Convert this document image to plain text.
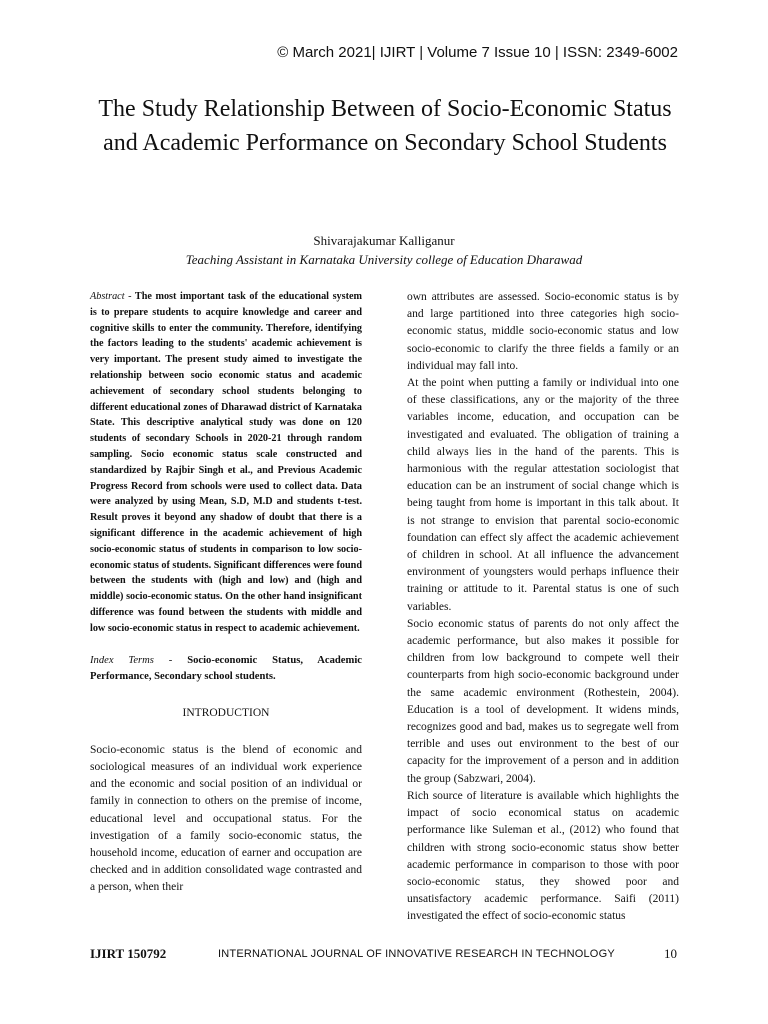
© March 2021| IJIRT | Volume 7 Issue 10 | ISSN: 2349-6002
The Study Relationship Between of Socio-Economic Status and Academic Performance on Secondary School Students
Shivarajakumar Kalliganur
Teaching Assistant in Karnataka University college of Education Dharawad

Abstract - The most important task of the educational system is to prepare students to acquire knowledge and career and cognitive skills to enter the community. Therefore, identifying the factors leading to the students' academic achievement is very important. The present study aimed to investigate the relationship between socio economic status and academic achievement of secondary school students belonging to different educational zones of Dharawad district of Karnataka State. This descriptive analytical study was done on 120 students of secondary Schools in 2020-21 through random sampling. Socio economic status scale constructed and standardized by Rajbir Singh et al., and Previous Academic Progress Record from schools were used to collect data. Data were analyzed by using Mean, S.D, M.D and students t-test. Result proves it beyond any shadow of doubt that there is a significant difference in the academic achievement of high socio-economic status of students in comparison to low socio-economic status of students. Significant differences were found between the students with (high and low) and (high and middle) socio-economic status. On the other hand insignificant difference was found between the students with middle and low socio-economic status in respect to academic achievement.

Index Terms - Socio-economic Status, Academic Performance, Secondary school students.

INTRODUCTION

Socio-economic status is the blend of economic and sociological measures of an individual work experience and the economic and social position of an individual or family in connection to others on the premise of income, educational level and occupational status. For the investigation of a family socio-economic status, the household income, education of earner and occupation are checked and in addition consolidated wage contrasted and a person, when their

own attributes are assessed. Socio-economic status is by and large partitioned into three categories high socio-economic status, middle socio-economic status and low socio-economic to clarify the three fields a family or an individual may fall into.

At the point when putting a family or individual into one of these classifications, any or the majority of the three variables income, education, and occupation can be investigated and evaluated. The obligation of training a child always lies in the hand of the parents. This is harmonious with the regular attestation sociologist that education can be an instrument of social change which is being taught from home is important in this talk about. It is not strange to envision that parental socio-economic foundation can effect sly affect the academic achievement of children in school. At all influence the advancement environment of youngsters would perhaps influence their training or attitude to it. Parental status is one of such variables.

Socio economic status of parents do not only affect the academic performance, but also makes it possible for children from low background to compete well their counterparts from high socio-economic background under the same academic environment (Rothestein, 2004). Education is a tool of development. It widens minds, recognizes good and bad, makes us to segregate well from terrible and uses out environment to the best of our capacity for the improvement of a person and in addition the group (Sabzwari, 2004).

Rich source of literature is available which highlights the impact of socio economical status on academic performance like Suleman et al., (2012) who found that children with strong socio-economic status show better academic performance in comparison to those with poor socio-economic status, they showed poor and unsatisfactory academic performance. Saifi (2011) investigated the effect of socio-economic status

IJIRT 150792	INTERNATIONAL JOURNAL OF INNOVATIVE RESEARCH IN TECHNOLOGY	10
